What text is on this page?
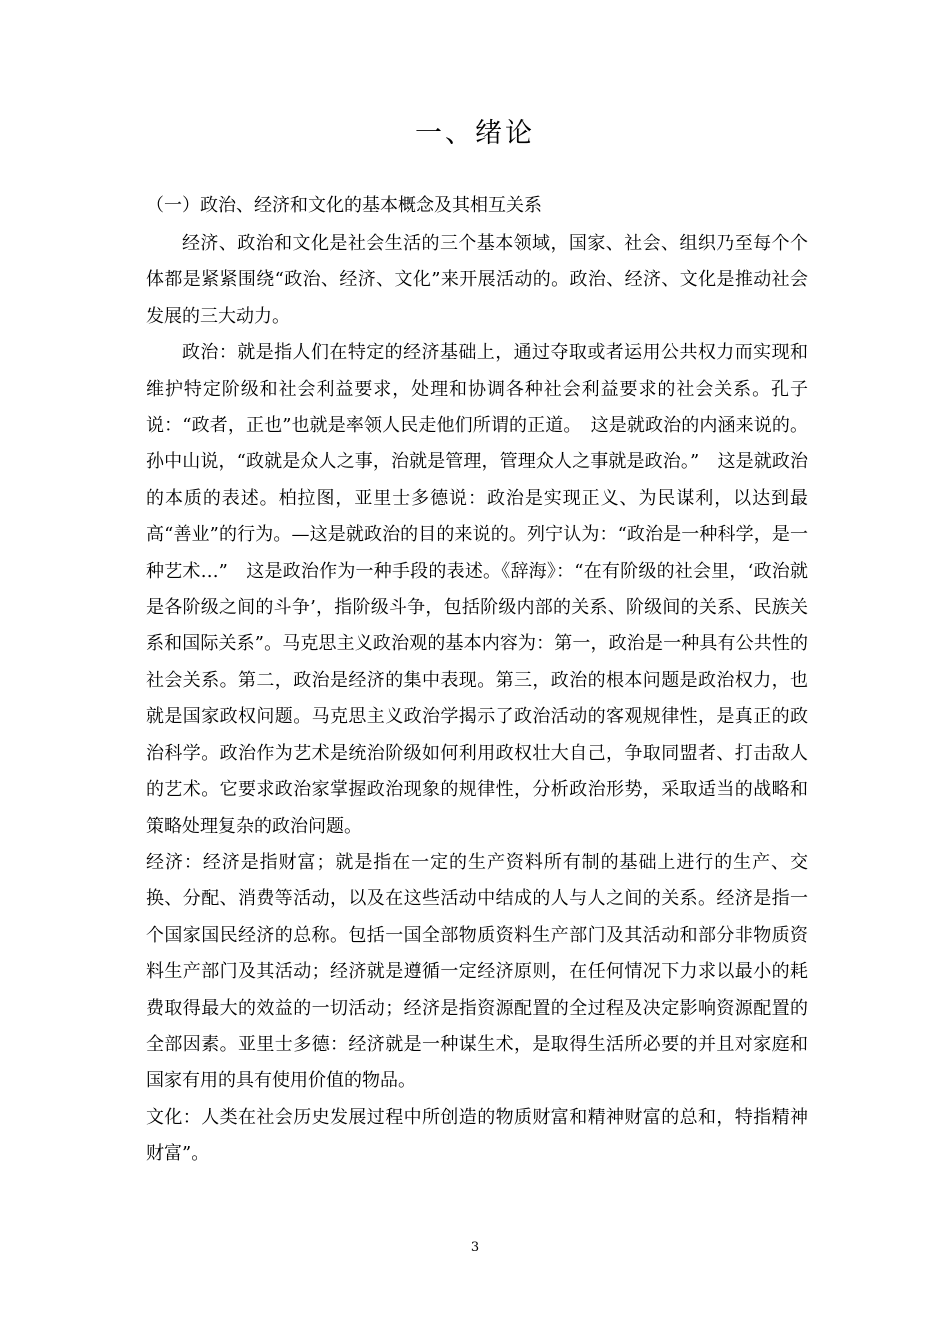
一、绪论
（一）政治、经济和文化的基本概念及其相互关系

经济、政治和文化是社会生活的三个基本领域，国家、社会、组织乃至每个个体都是紧紧围绕“政治、经济、文化”来开展活动的。政治、经济、文化是推动社会发展的三大动力。

政治：就是指人们在特定的经济基础上，通过夺取或者运用公共权力而实现和维护特定阶级和社会利益要求，处理和协调各种社会利益要求的社会关系。孔子说：“政者，正也”也就是率领人民走他们所谓的正道。　这是就政治的内涵来说的。孙中山说，“政就是众人之事，治就是管理，管理众人之事就是政治。”　这是就政治的本质的表述。柏拉图，亚里士多德说：政治是实现正义、为民谋利，以达到最高“善业”的行为。—这是就政治的目的来说的。列宁认为：“政治是一种科学，是一种艺术…”　这是政治作为一种手段的表述。《辞海》：“在有阶级的社会里，‘政治就是各阶级之间的斗争’，指阶级斗争，包括阶级内部的关系、阶级间的关系、民族关系和国际关系”。马克思主义政治观的基本内容为：第一，政治是一种具有公共性的社会关系。第二，政治是经济的集中表现。第三，政治的根本问题是政治权力，也就是国家政权问题。马克思主义政治学揭示了政治活动的客观规律性，是真正的政治科学。政治作为艺术是统治阶级如何利用政权壮大自己，争取同盟者、打击敌人的艺术。它要求政治家掌握政治现象的规律性，分析政治形势，采取适当的战略和策略处理复杂的政治问题。

经济：经济是指财富；就是指在一定的生产资料所有制的基础上进行的生产、交换、分配、消费等活动，以及在这些活动中结成的人与人之间的关系。经济是指一个国家国民经济的总称。包括一国全部物质资料生产部门及其活动和部分非物质资料生产部门及其活动；经济就是遵循一定经济原则，在任何情况下力求以最小的耗费取得最大的效益的一切活动；经济是指资源配置的全过程及决定影响资源配置的全部因素。亚里士多德：经济就是一种谋生术，是取得生活所必要的并且对家庭和国家有用的具有使用价值的物品。

文化：人类在社会历史发展过程中所创造的物质财富和精神财富的总和，特指精神财富”。

3
